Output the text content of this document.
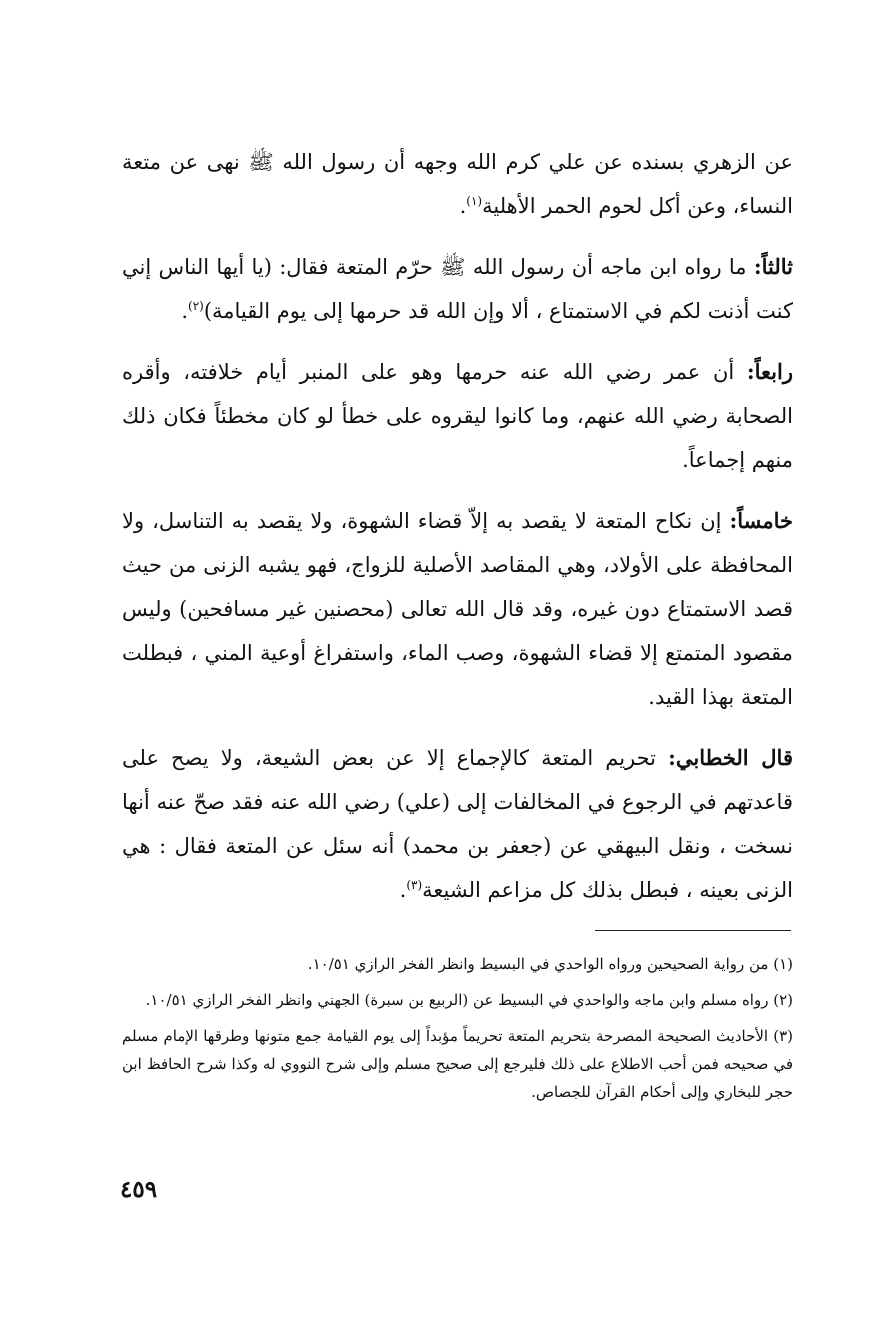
عن الزهري بسنده عن علي كرم الله وجهه أن رسول الله ﷺ نهى عن متعة النساء، وعن أكل لحوم الحمر الأهلية$^{(١)}$.

ثالثاً: ما رواه ابن ماجه أن رسول الله ﷺ حرّم المتعة فقال: (يا أيها الناس إني كنت أذنت لكم في الاستمتاع ، ألا وإن الله قد حرمها إلى يوم القيامة)$^{(٢)}$.

رابعاً: أن عمر رضي الله عنه حرمها وهو على المنبر أيام خلافته، وأقره الصحابة رضي الله عنهم، وما كانوا ليقروه على خطأ لو كان مخطئاً فكان ذلك منهم إجماعاً.

خامساً: إن نكاح المتعة لا يقصد به إلاّ قضاء الشهوة، ولا يقصد به التناسل، ولا المحافظة على الأولاد، وهي المقاصد الأصلية للزواج، فهو يشبه الزنى من حيث قصد الاستمتاع دون غيره، وقد قال الله تعالى (محصنين غير مسافحين) وليس مقصود المتمتع إلا قضاء الشهوة، وصب الماء، واستفراغ أوعية المني ، فبطلت المتعة بهذا القيد.

قال الخطابي: تحريم المتعة كالإجماع إلا عن بعض الشيعة، ولا يصح على قاعدتهم في الرجوع في المخالفات إلى (علي) رضي الله عنه فقد صحّ عنه أنها نسخت ، ونقل البيهقي عن (جعفر بن محمد) أنه سئل عن المتعة فقال : هي الزنى بعينه ، فبطل بذلك كل مزاعم الشيعة$^{(٣)}$.

(١) من رواية الصحيحين ورواه الواحدي في البسيط وانظر الفخر الرازي ١٠/٥١.

(٢) رواه مسلم وابن ماجه والواحدي في البسيط عن (الربيع بن سبرة) الجهني وانظر الفخر الرازي ١٠/٥١.

(٣) الأحاديث الصحيحة المصرحة بتحريم المتعة تحريماً مؤبداً إلى يوم القيامة جمع متونها وطرقها الإمام مسلم في صحيحه فمن أحب الاطلاع على ذلك فليرجع إلى صحيح مسلم وإلى شرح النووي له وكذا شرح الحافظ ابن حجر للبخاري وإلى أحكام القرآن للجصاص.

٤٥٩
